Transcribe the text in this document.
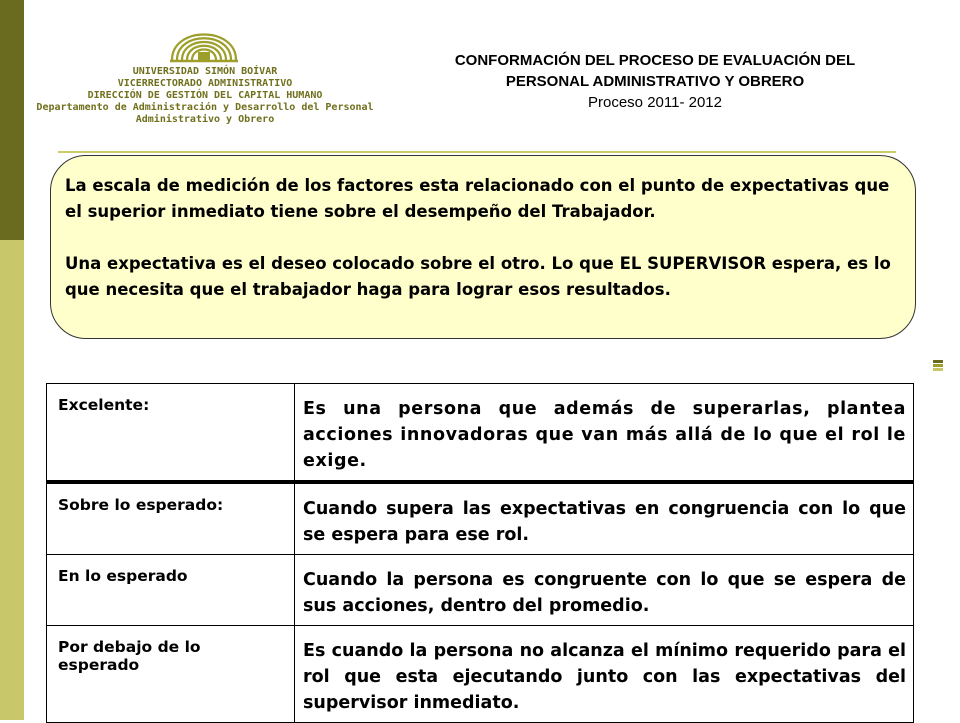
UNIVERSIDAD SIMÓN BOÍVAR
VICERRECTORADO ADMINISTRATIVO
DIRECCIÓN DE GESTIÓN DEL CAPITAL HUMANO
Departamento de Administración y Desarrollo del Personal
Administrativo y Obrero
CONFORMACIÓN DEL PROCESO DE EVALUACIÓN DEL
PERSONAL ADMINISTRATIVO Y OBRERO
Proceso 2011- 2012

La escala de medición de los factores esta relacionado con el punto de expectativas que el superior inmediato tiene sobre el desempeño del Trabajador.

Una expectativa es el deseo colocado sobre el otro. Lo que EL SUPERVISOR espera, es lo que necesita que el trabajador haga para lograr esos resultados.

Excelente:	Es una persona que además de superarlas, plantea acciones innovadoras que van más allá de lo que el rol le exige.
Sobre lo esperado:	Cuando supera las expectativas en congruencia con lo que se espera para ese rol.
En lo esperado	Cuando la persona es congruente con lo que se espera de sus acciones, dentro del promedio.
Por debajo de lo esperado	Es cuando la persona no alcanza el mínimo requerido para el rol que esta ejecutando junto con las expectativas del supervisor inmediato.
